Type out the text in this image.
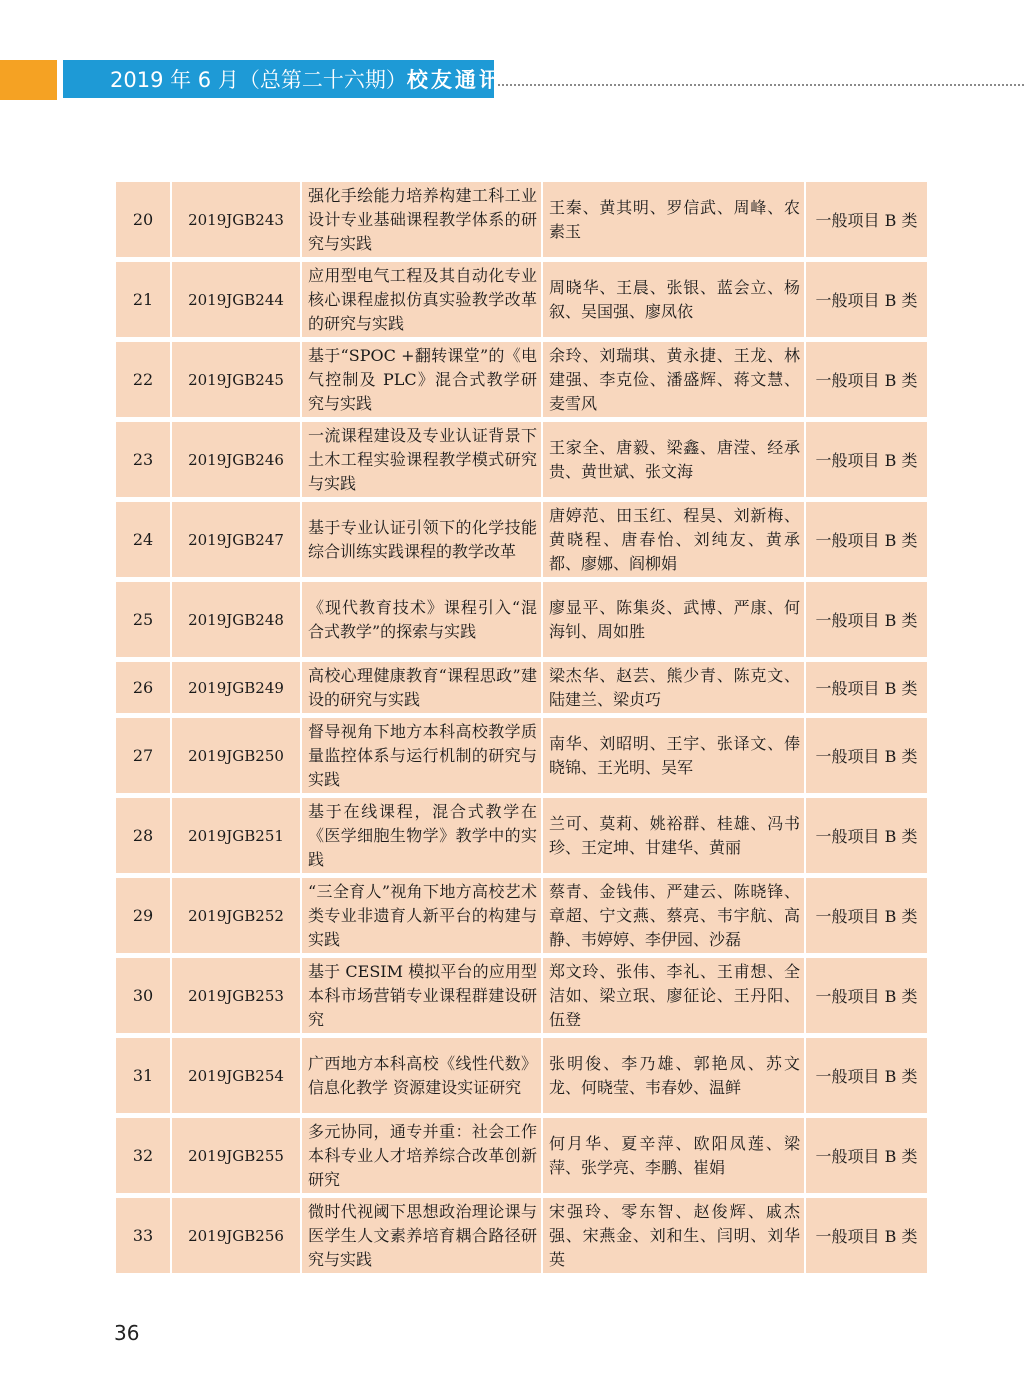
2019 年 6 月（总第二十六期） 校友通讯
20	2019JGB243
强化手绘能力培养构建工科工业设计专业基础课程教学体系的研究与实践
王秦、黄其明、罗信武、周峰、农素玉
一般项目 B 类
21	2019JGB244
应用型电气工程及其自动化专业核心课程虚拟仿真实验教学改革的研究与实践
周晓华、王晨、张银、蓝会立、杨叙、吴国强、廖凤依
一般项目 B 类
22	2019JGB245
基于“SPOC +翻转课堂”的《电气控制及 PLC》混合式教学研究与实践
余玲、刘瑞琪、黄永捷、王龙、林建强、李克俭、潘盛辉、蒋文慧、麦雪风
一般项目 B 类
23	2019JGB246
一流课程建设及专业认证背景下土木工程实验课程教学模式研究与实践
王家全、唐毅、梁鑫、唐滢、经承贵、黄世斌、张文海
一般项目 B 类
24	2019JGB247
基于专业认证引领下的化学技能综合训练实践课程的教学改革
唐婷范、田玉红、程昊、刘新梅、黄晓程、唐春怡、刘纯友、黄承都、廖娜、阎柳娟
一般项目 B 类
25	2019JGB248
《现代教育技术》课程引入“混合式教学”的探索与实践
廖显平、陈集炎、武博、严康、何海钊、周如胜
一般项目 B 类
26	2019JGB249
高校心理健康教育“课程思政”建设的研究与实践
梁杰华、赵芸、熊少青、陈克文、陆建兰、梁贞巧
一般项目 B 类
27	2019JGB250
督导视角下地方本科高校教学质量监控体系与运行机制的研究与实践
南华、刘昭明、王宇、张译文、俸晓锦、王光明、吴军
一般项目 B 类
28	2019JGB251
基于在线课程，混合式教学在《医学细胞生物学》教学中的实践
兰可、莫莉、姚裕群、桂雄、冯书珍、王定坤、甘建华、黄丽
一般项目 B 类
29	2019JGB252
“三全育人”视角下地方高校艺术类专业非遗育人新平台的构建与实践
蔡青、金钱伟、严建云、陈晓锋、章超、宁文燕、蔡亮、韦宇航、高静、韦婷婷、李伊园、沙磊
一般项目 B 类
30	2019JGB253
基于 CESIM 模拟平台的应用型本科市场营销专业课程群建设研究
郑文玲、张伟、李礼、王甫想、全洁如、梁立珉、廖征论、王丹阳、伍登
一般项目 B 类
31	2019JGB254
广西地方本科高校《线性代数》信息化教学 资源建设实证研究
张明俊、李乃雄、郭艳凤、苏文龙、何晓莹、韦春妙、温鲜
一般项目 B 类
32	2019JGB255
多元协同，通专并重：社会工作本科专业人才培养综合改革创新研究
何月华、夏辛萍、欧阳凤莲、梁萍、张学亮、李鹏、崔娟
一般项目 B 类
33	2019JGB256
微时代视阈下思想政治理论课与医学生人文素养培育耦合路径研究与实践
宋强玲、零东智、赵俊辉、戚杰强、宋燕金、刘和生、闫明、刘华英
一般项目 B 类
36
